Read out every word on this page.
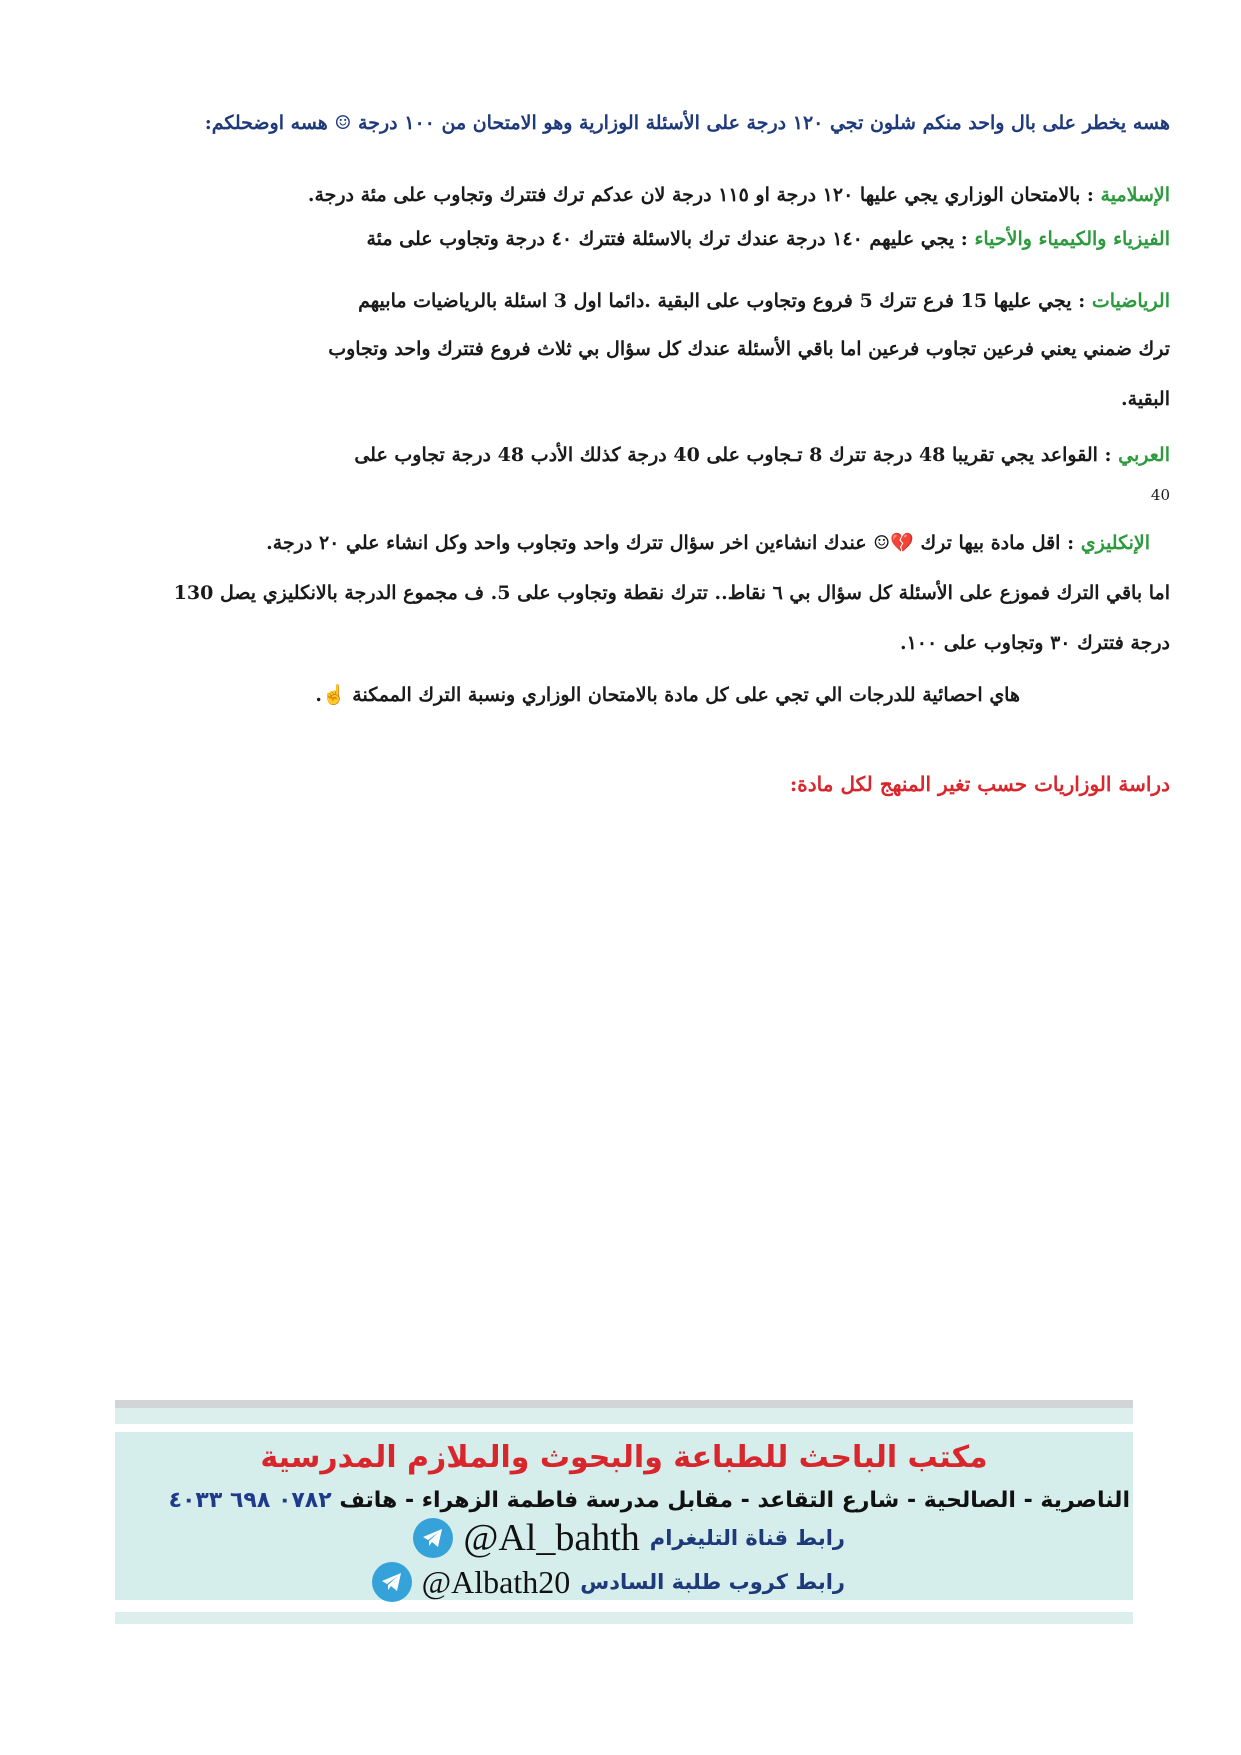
هسه يخطر على بال واحد منكم شلون تجي ١٢٠ درجة على الأسئلة الوزارية وهو الامتحان من ١٠٠ درجة ☺ هسه اوضحلكم:
الإسلامية : بالامتحان الوزاري يجي عليها ١٢٠ درجة او ١١٥ درجة لان عدكم ترك فتترك وتجاوب على مئة درجة.
الفيزياء والكيمياء والأحياء : يجي عليهم ١٤٠ درجة عندك ترك بالاسئلة فتترك ٤٠ درجة وتجاوب على مئة
الرياضيات : يجي عليها 15 فرع تترك 5 فروع وتجاوب على البقية .دائما اول 3 اسئلة بالرياضيات مابيهم
ترك ضمني يعني فرعين تجاوب فرعين اما باقي الأسئلة عندك كل سؤال بي ثلاث فروع فتترك واحد وتجاوب
البقية.
العربي : القواعد يجي تقريبا 48 درجة تترك 8 تـجاوب على 40 درجة كذلك الأدب 48 درجة تجاوب على
40
الإنكليزي : اقل مادة بيها ترك 💔☺ عندك انشاءين اخر سؤال تترك واحد وتجاوب واحد وكل انشاء علي ٢٠ درجة.
اما باقي الترك فموزع على الأسئلة كل سؤال بي ٦ نقاط.. تترك نقطة وتجاوب على 5. ف مجموع الدرجة بالانكليزي يصل 130
درجة فتترك ٣٠ وتجاوب على ١٠٠.
هاي احصائية للدرجات الي تجي على كل مادة بالامتحان الوزاري ونسبة الترك الممكنة ☝.
دراسة الوزاريات حسب تغير المنهج لكل مادة:
مكتب الباحث للطباعة والبحوث والملازم المدرسية
الناصرية - الصالحية - شارع التقاعد - مقابل مدرسة فاطمة الزهراء - هاتف ٠٧٨٢ ٦٩٨ ٤٠٣٣
رابط قناة التليغرام
@Al_bahth
رابط كروب طلبة السادس
@Albath20
